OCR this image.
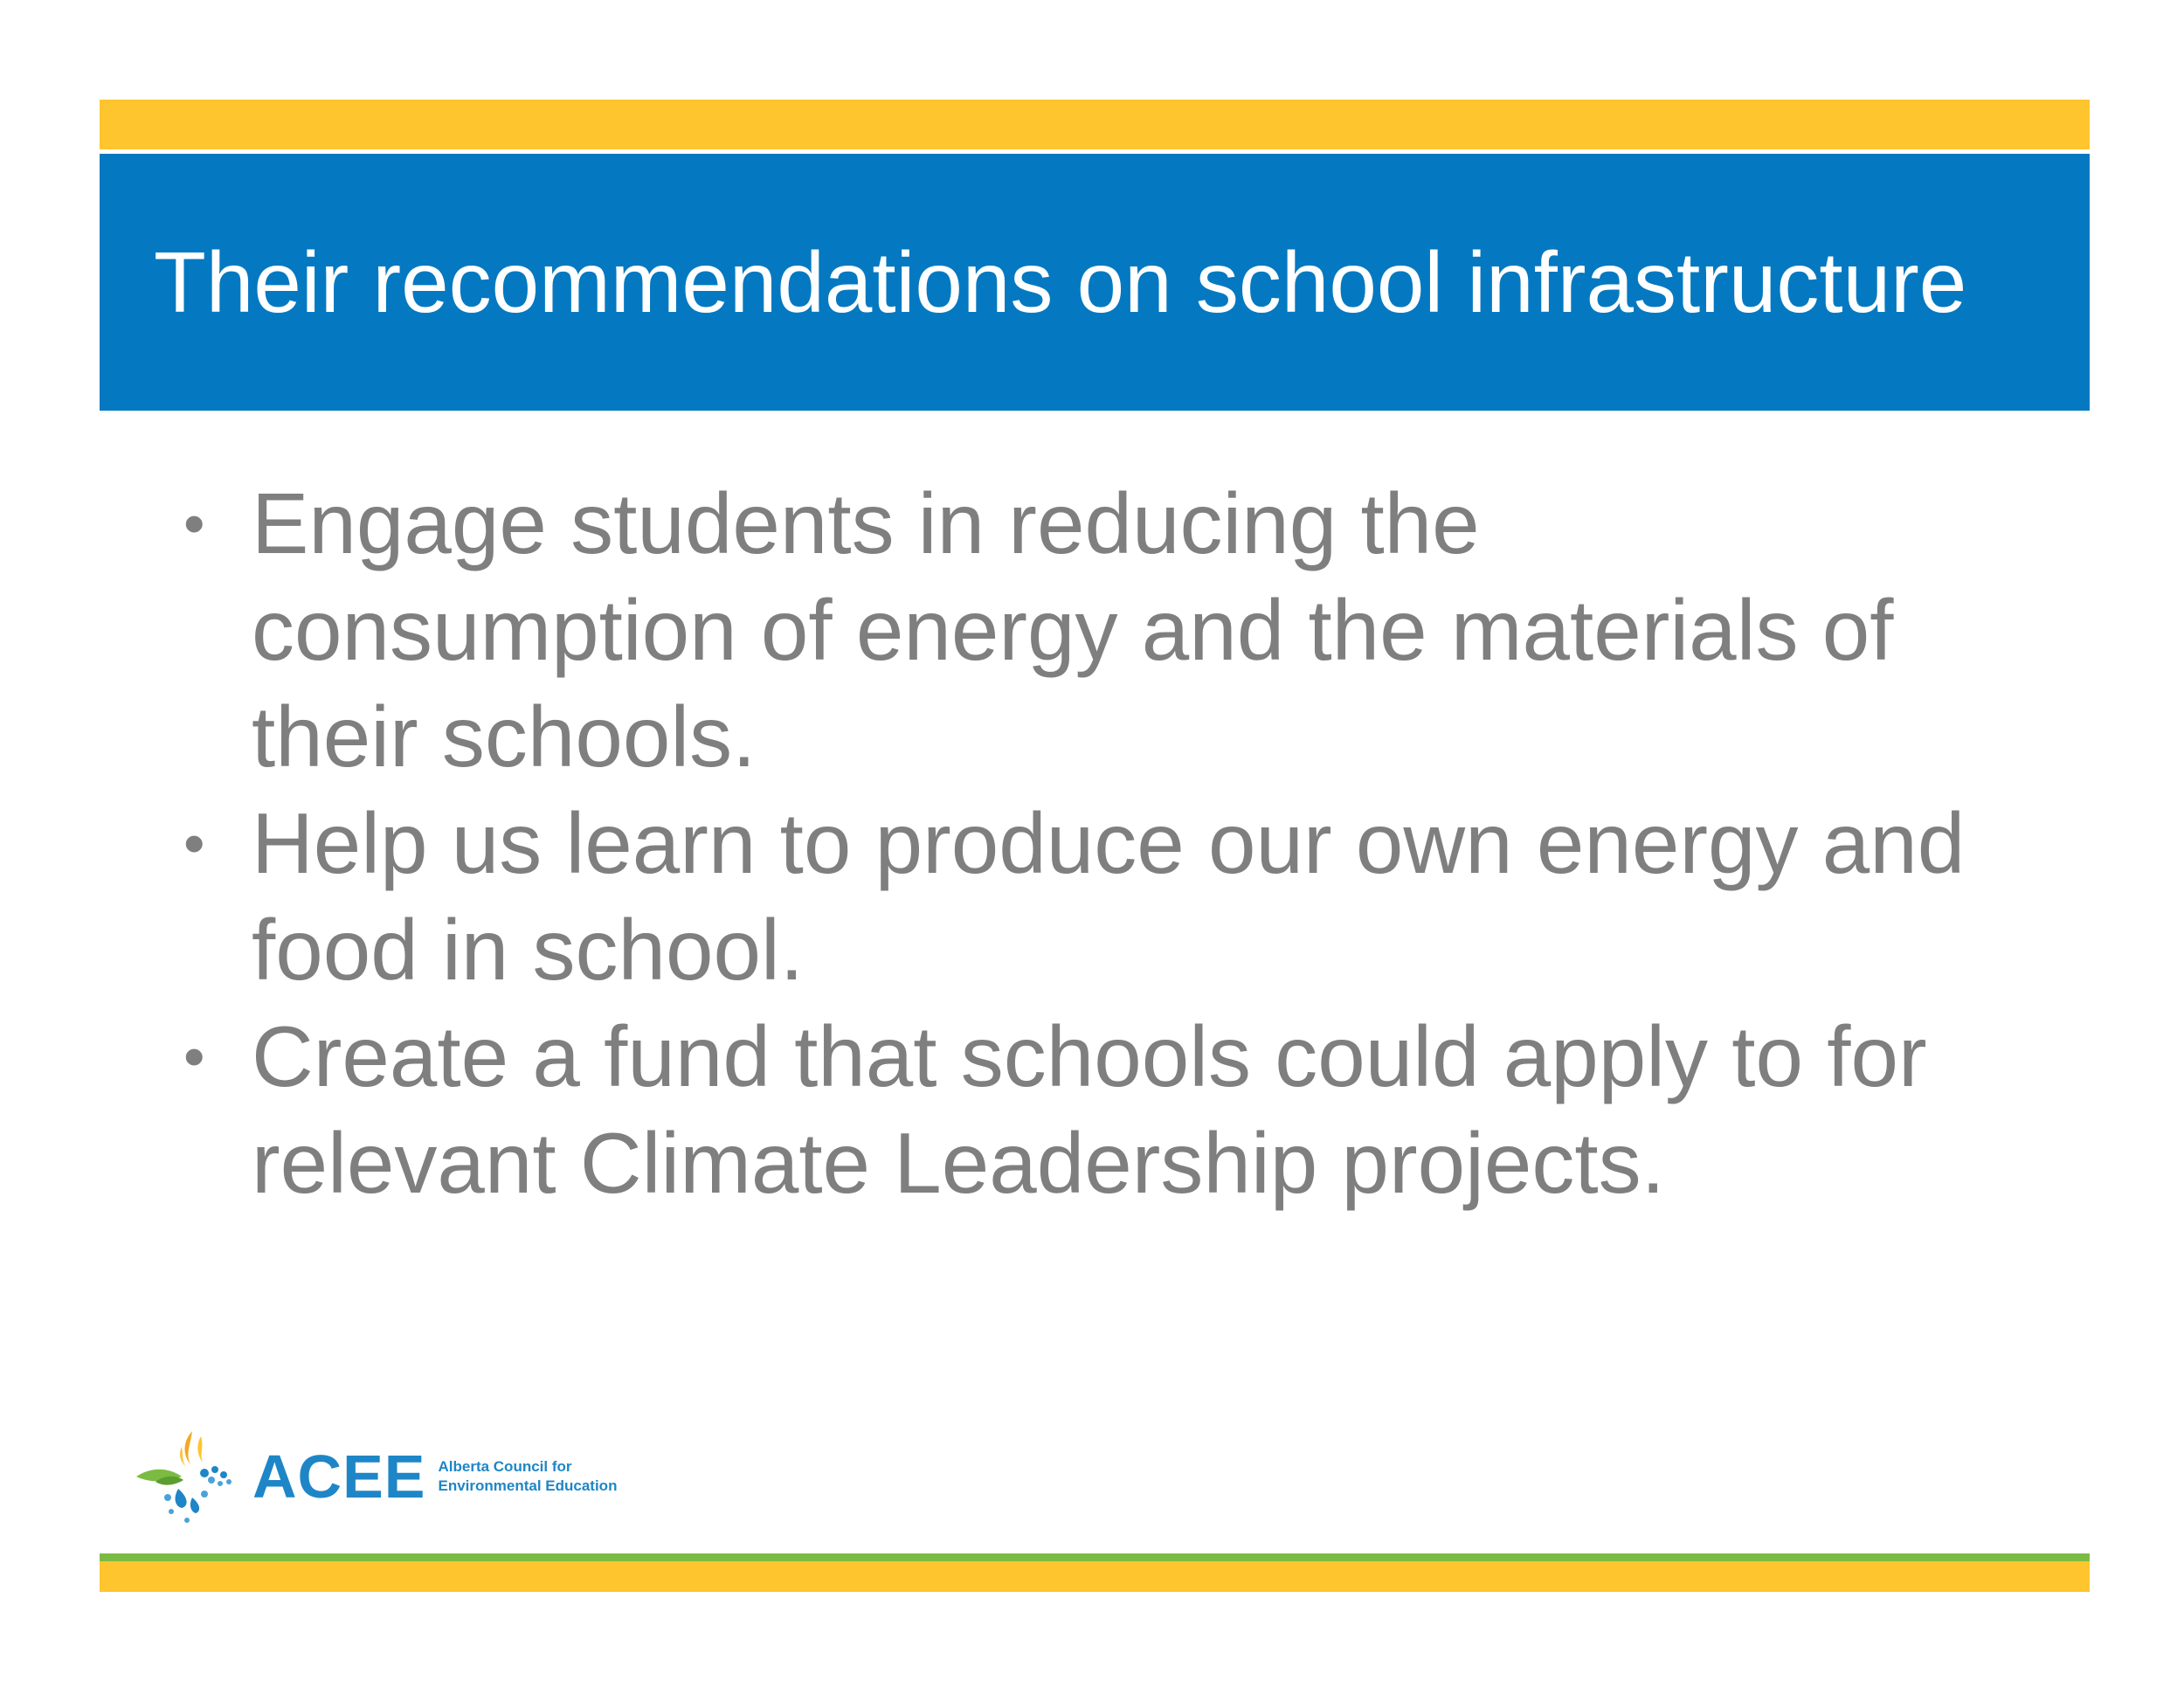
Their recommendations on school infrastructure
• Engage students in reducing the consumption of energy and the materials of their schools.
• Help us learn to produce our own energy and food in school.
• Create a fund that schools could apply to for relevant Climate Leadership projects.
ACEE Alberta Council for
Environmental Education
